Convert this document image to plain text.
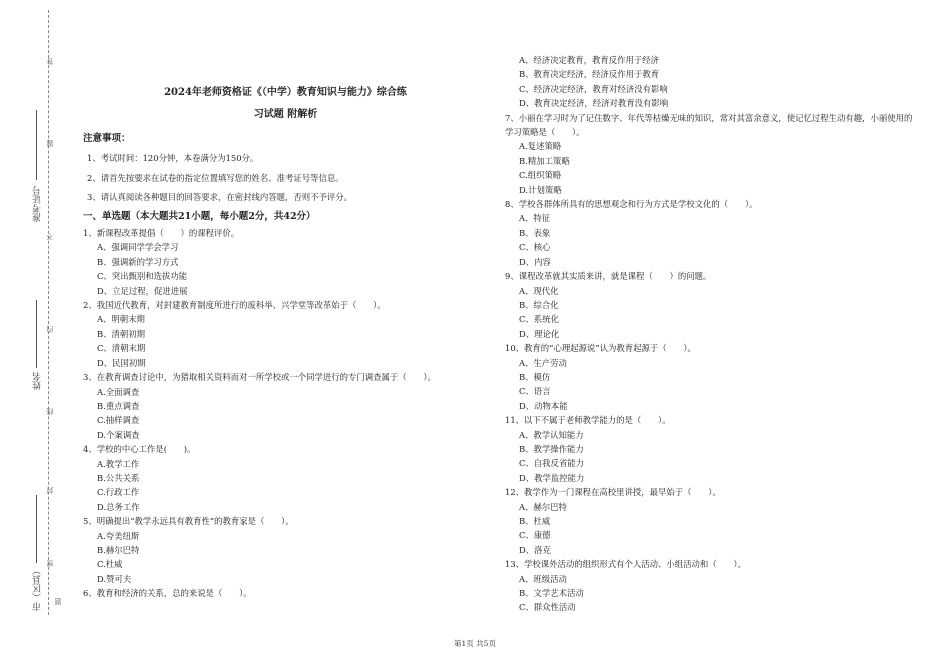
答
题
不
内
线
封
密
题
准考证号
姓名
市（区县）
2024年老师资格证《（中学）教育知识与能力》综合练
习试题 附解析
注意事项：
1、考试时间：120分钟，本卷满分为150分。
2、请首先按要求在试卷的指定位置填写您的姓名、准考证号等信息。
3、请认真阅读各种题目的回答要求，在密封线内答题，否则不予评分。
一、单选题（本大题共21小题，每小题2分，共42分）
1、新课程改革提倡（　　）的课程评价。
A、强调同学学会学习
B、强调新的学习方式
C、突出甄别和选拔功能
D、立足过程，促进进展
2、我国近代教育，对封建教育制度所进行的废科举、兴学堂等改革始于（　　）。
A、明朝末期
B、清朝初期
C、清朝末期
D、民国初期
3、在教育调查讨论中，为猎取相关资料而对一所学校或一个同学进行的专门调查属于（　　）。
A.全面调查
B.重点调查
C.抽样调查
D.个案调查
4、学校的中心工作是(　　)。
A.教学工作
B.公共关系
C.行政工作
D.总务工作
5、明确提出“教学永远具有教育性”的教育家是（　　）。
A.夸美纽斯
B.赫尔巴特
C.杜威
D.赞可夫
6、教育和经济的关系，总的来说是（　　）。
A、经济决定教育，教育反作用于经济
B、教育决定经济，经济反作用于教育
C、经济决定经济，教育对经济没有影响
D、教育决定经济，经济对教育没有影响
7、小丽在学习时为了记住数字、年代等枯燥无味的知识，常对其富余意义，使记忆过程生动有趣，小丽使用的学习策略是（　　）。
A.复述策略
B.精加工策略
C.组织策略
D.计划策略
8、学校各群体所具有的思想观念和行为方式是学校文化的（　　）。
A、特征
B、表象
C、核心
D、内容
9、课程改革就其实质来讲，就是课程（　　）的问题。
A、现代化
B、综合化
C、系统化
D、理论化
10、教育的“心理起源说”认为教育起源于（　　）。
A、生产劳动
B、模仿
C、语言
D、动物本能
11、以下不属于老师教学能力的是（　　）。
A、教学认知能力
B、教学操作能力
C、自我反省能力
D、教学监控能力
12、教学作为一门课程在高校里讲授，最早始于（　　）。
A、赫尔巴特
B、杜威
C、康德
D、洛克
13、学校课外活动的组织形式有个人活动、小组活动和（　　）。
A、班级活动
B、文学艺术活动
C、群众性活动
第1页 共5页
